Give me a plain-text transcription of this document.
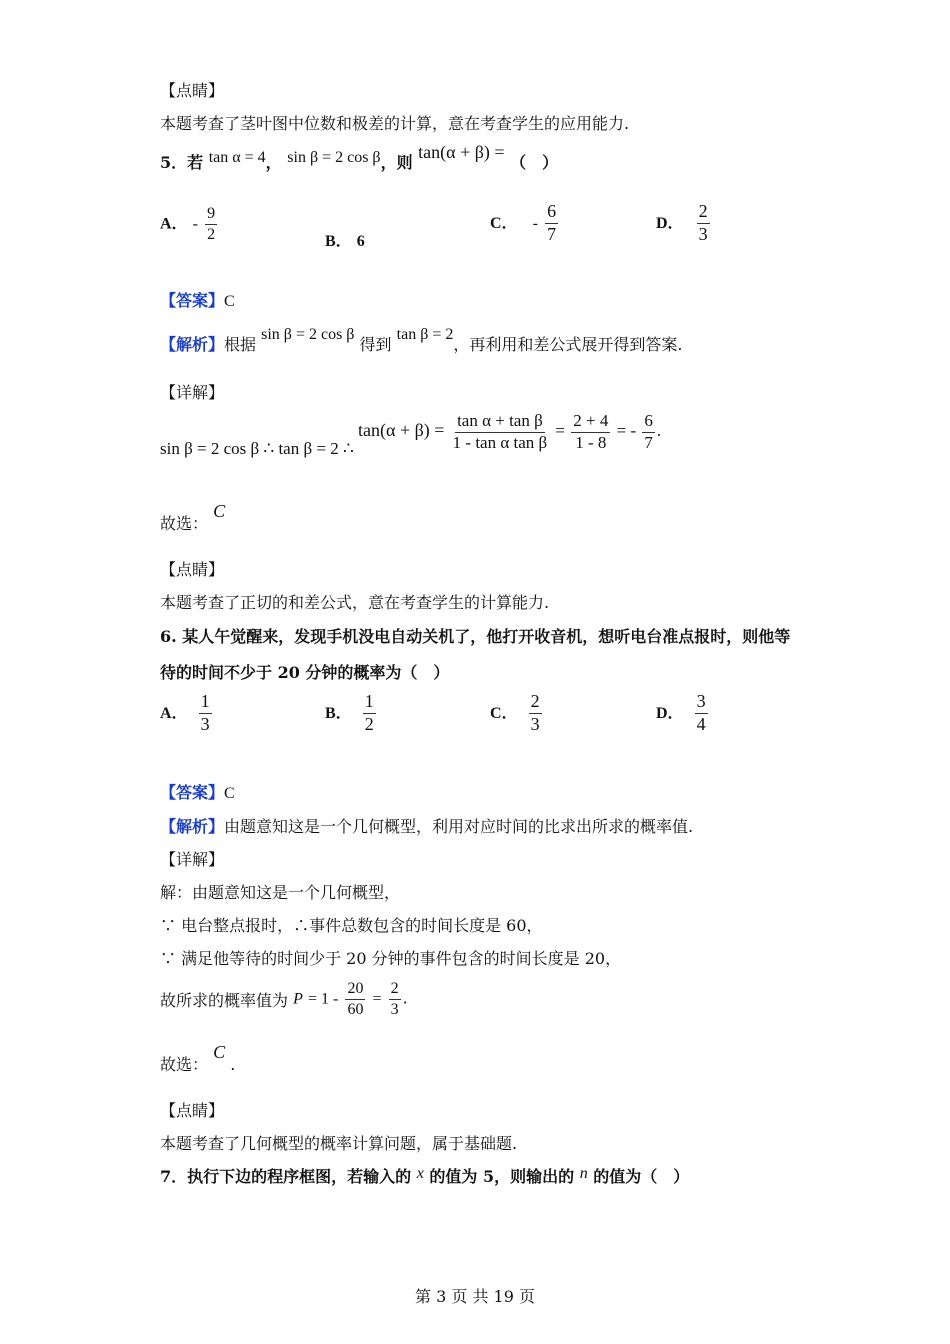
【点睛】
本题考查了茎叶图中位数和极差的计算，意在考查学生的应用能力.
5．若 tan α = 4， sin β = 2 cos β，则 tan(α + β) = （　）
A． - $\frac{9}{2}$	B． 6
C． - $\frac{6}{7}$	D． $\frac{2}{3}$
【答案】C
【解析】根据 sin β = 2 cos β 得到 tan β = 2，再利用和差公式展开得到答案.
【详解】
sin β = 2 cos β ∴ tan β = 2 ∴ $\tan(\alpha + \beta) = \frac{\text{tan α + tan β}}{\text{1 - tan α tan β}} = \frac{2 + 4}{1 - 8}$ = - $\frac{6}{7}$ .
故选： C
【点睛】
本题考查了正切的和差公式，意在考查学生的计算能力.
6. 某人午觉醒来，发现手机没电自动关机了，他打开收音机，想听电台准点报时，则他等
待的时间不少于 20 分钟的概率为（　）
A． $\frac{1}{3}$	B． $\frac{1}{2}$	C． $\frac{2}{3}$	D． $\frac{3}{4}$
【答案】C
【解析】由题意知这是一个几何概型，利用对应时间的比求出所求的概率值.
【详解】
解：由题意知这是一个几何概型，
∵ 电台整点报时，∴事件总数包含的时间长度是 60，
∵ 满足他等待的时间少于 20 分钟的事件包含的时间长度是 20，
故所求的概率值为 $P = 1 - \frac{20}{60} = \frac{2}{3}$ .
故选： C .
【点睛】
本题考查了几何概型的概率计算问题，属于基础题.
7．执行下边的程序框图，若输入的 x 的值为 5，则输出的 n 的值为（　）
第 3 页 共 19 页
